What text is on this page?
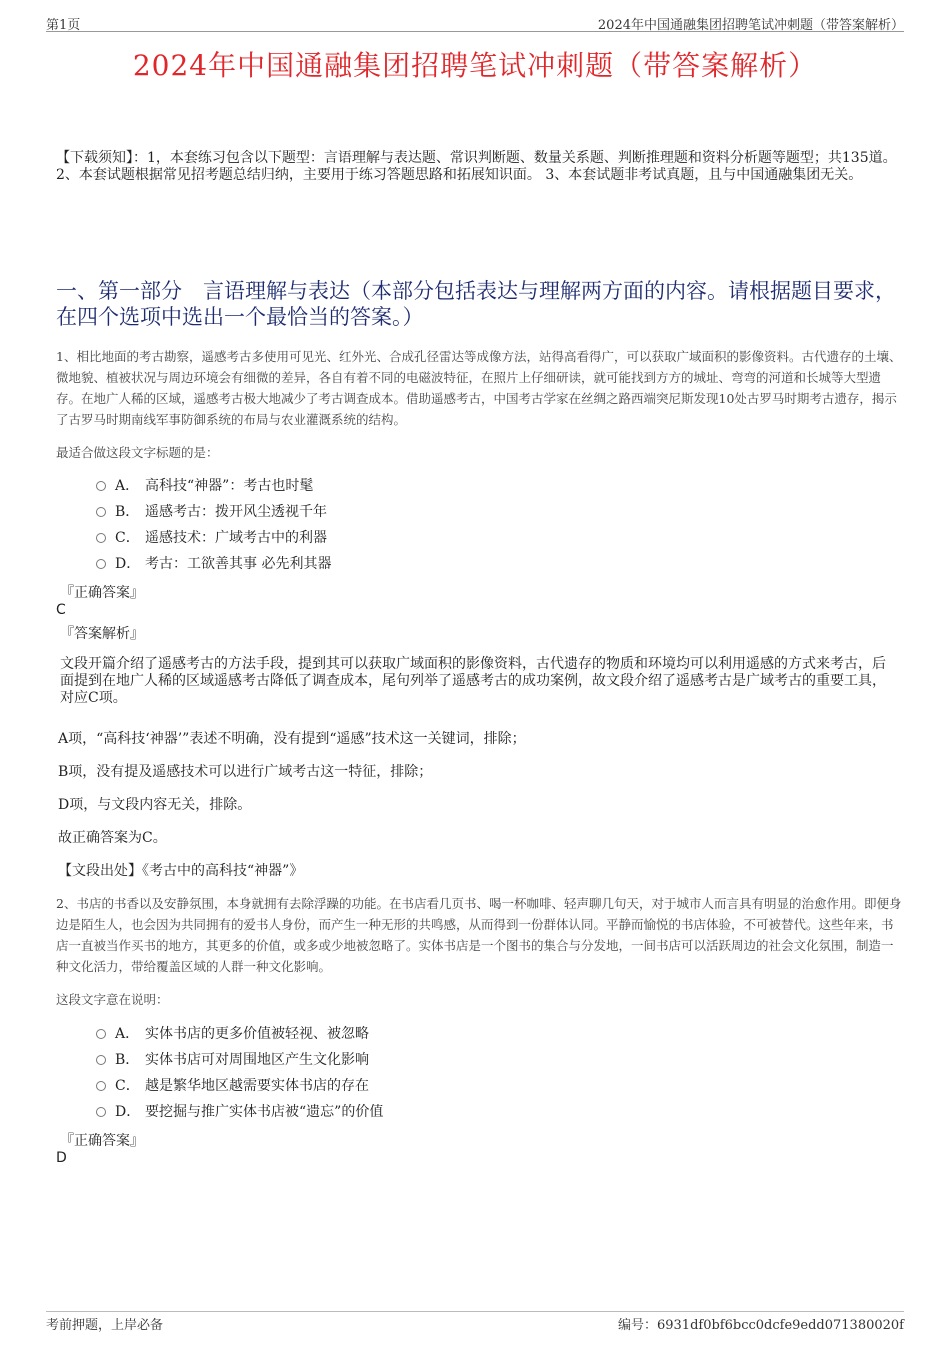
第1页	2024年中国通融集团招聘笔试冲刺题（带答案解析）
2024年中国通融集团招聘笔试冲刺题（带答案解析）
【下载须知】：1，本套练习包含以下题型：言语理解与表达题、常识判断题、数量关系题、判断推理题和资料分析题等题型；共135道。 2、本套试题根据常见招考题总结归纳，主要用于练习答题思路和拓展知识面。 3、本套试题非考试真题，且与中国通融集团无关。
一、第一部分　言语理解与表达（本部分包括表达与理解两方面的内容。请根据题目要求，在四个选项中选出一个最恰当的答案。）
1、相比地面的考古勘察，遥感考古多使用可见光、红外光、合成孔径雷达等成像方法，站得高看得广，可以获取广域面积的影像资料。古代遗存的土壤、微地貌、植被状况与周边环境会有细微的差异，各自有着不同的电磁波特征，在照片上仔细研读，就可能找到方方的城址、弯弯的河道和长城等大型遗存。在地广人稀的区域，遥感考古极大地减少了考古调查成本。借助遥感考古，中国考古学家在丝绸之路西端突尼斯发现10处古罗马时期考古遗存，揭示了古罗马时期南线军事防御系统的布局与农业灌溉系统的结构。
最适合做这段文字标题的是：
A． 高科技“神器”：考古也时髦
B． 遥感考古：拨开风尘透视千年
C． 遥感技术：广域考古中的利器
D． 考古：工欲善其事 必先利其器
『正确答案』
C
『答案解析』
文段开篇介绍了遥感考古的方法手段，提到其可以获取广域面积的影像资料，古代遗存的物质和环境均可以利用遥感的方式来考古，后面提到在地广人稀的区域遥感考古降低了调查成本，尾句列举了遥感考古的成功案例，故文段介绍了遥感考古是广域考古的重要工具，对应C项。
A项，“高科技‘神器’”表述不明确，没有提到“遥感”技术这一关键词，排除；
B项，没有提及遥感技术可以进行广域考古这一特征，排除；
D项，与文段内容无关，排除。
故正确答案为C。
【文段出处】《考古中的高科技“神器”》
2、书店的书香以及安静氛围，本身就拥有去除浮躁的功能。在书店看几页书、喝一杯咖啡、轻声聊几句天，对于城市人而言具有明显的治愈作用。即便身边是陌生人，也会因为共同拥有的爱书人身份，而产生一种无形的共鸣感，从而得到一份群体认同。平静而愉悦的书店体验，不可被替代。这些年来，书店一直被当作买书的地方，其更多的价值，或多或少地被忽略了。实体书店是一个图书的集合与分发地，一间书店可以活跃周边的社会文化氛围，制造一种文化活力，带给覆盖区域的人群一种文化影响。
这段文字意在说明：
A． 实体书店的更多价值被轻视、被忽略
B． 实体书店可对周围地区产生文化影响
C． 越是繁华地区越需要实体书店的存在
D． 要挖掘与推广实体书店被“遗忘”的价值
『正确答案』
D
考前押题，上岸必备	编号：6931df0bf6bcc0dcfe9edd071380020f
